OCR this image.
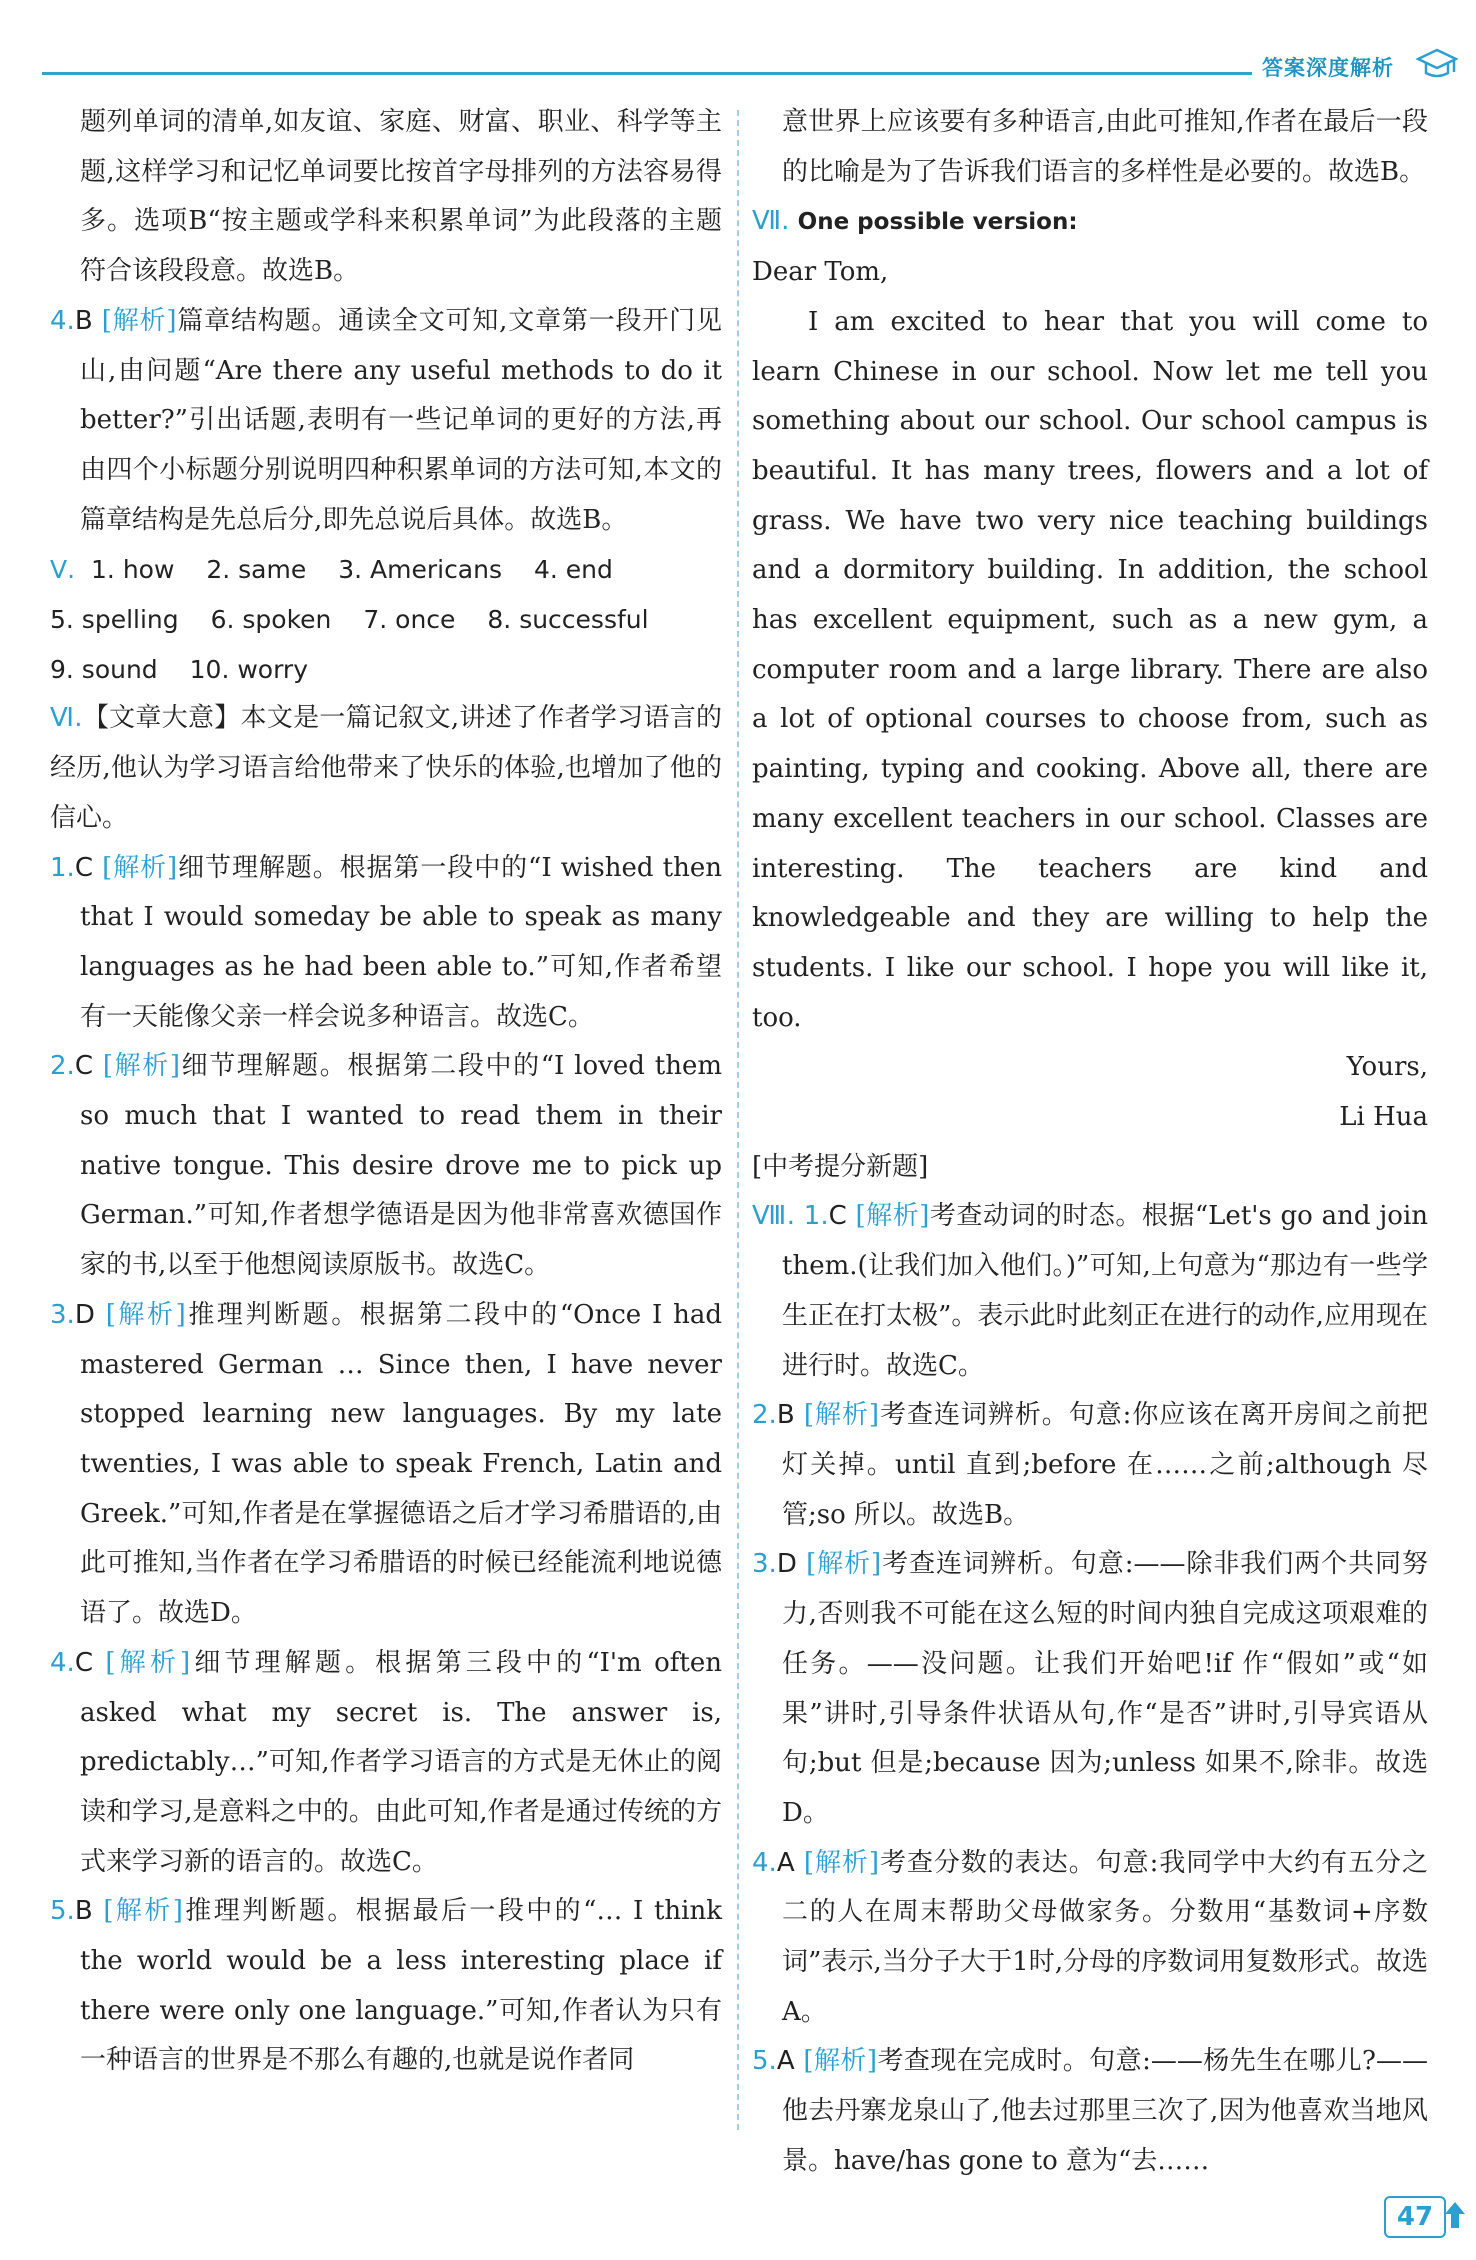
答案深度解析

题列单词的清单,如友谊、家庭、财富、职业、科学等主题,这样学习和记忆单词要比按首字母排列的方法容易得多。选项B“按主题或学科来积累单词”为此段落的主题符合该段段意。故选B。

4.B [解析]篇章结构题。通读全文可知,文章第一段开门见山,由问题“Are there any useful methods to do it better?”引出话题,表明有一些记单词的更好的方法,再由四个小标题分别说明四种积累单词的方法可知,本文的篇章结构是先总后分,即先总说后具体。故选B。

Ⅴ. 1. how 2. same 3. Americans 4. end
5. spelling 6. spoken 7. once 8. successful
9. sound 10. worry

Ⅵ.【文章大意】本文是一篇记叙文,讲述了作者学习语言的经历,他认为学习语言给他带来了快乐的体验,也增加了他的信心。

1.C [解析]细节理解题。根据第一段中的“I wished then that I would someday be able to speak as many languages as he had been able to.”可知,作者希望有一天能像父亲一样会说多种语言。故选C。

2.C [解析]细节理解题。根据第二段中的“I loved them so much that I wanted to read them in their native tongue. This desire drove me to pick up German.”可知,作者想学德语是因为他非常喜欢德国作家的书,以至于他想阅读原版书。故选C。

3.D [解析]推理判断题。根据第二段中的“Once I had mastered German … Since then, I have never stopped learning new languages. By my late twenties, I was able to speak French, Latin and Greek.”可知,作者是在掌握德语之后才学习希腊语的,由此可推知,当作者在学习希腊语的时候已经能流利地说德语了。故选D。

4.C [解析]细节理解题。根据第三段中的“I'm often asked what my secret is. The answer is, predictably…”可知,作者学习语言的方式是无休止的阅读和学习,是意料之中的。由此可知,作者是通过传统的方式来学习新的语言的。故选C。

5.B [解析]推理判断题。根据最后一段中的“… I think the world would be a less interesting place if there were only one language.”可知,作者认为只有一种语言的世界是不那么有趣的,也就是说作者同

意世界上应该要有多种语言,由此可推知,作者在最后一段的比喻是为了告诉我们语言的多样性是必要的。故选B。

Ⅶ. One possible version:

Dear Tom,

I am excited to hear that you will come to learn Chinese in our school. Now let me tell you something about our school. Our school campus is beautiful. It has many trees, flowers and a lot of grass. We have two very nice teaching buildings and a dormitory building. In addition, the school has excellent equipment, such as a new gym, a computer room and a large library. There are also a lot of optional courses to choose from, such as painting, typing and cooking. Above all, there are many excellent teachers in our school. Classes are interesting. The teachers are kind and knowledgeable and they are willing to help the students. I like our school. I hope you will like it, too.

Yours,
Li Hua

[中考提分新题]

Ⅷ. 1.C [解析]考查动词的时态。根据“Let's go and join them.(让我们加入他们。)”可知,上句意为“那边有一些学生正在打太极”。表示此时此刻正在进行的动作,应用现在进行时。故选C。

2.B [解析]考查连词辨析。句意:你应该在离开房间之前把灯关掉。until 直到;before 在……之前;although 尽管;so 所以。故选B。

3.D [解析]考查连词辨析。句意:——除非我们两个共同努力,否则我不可能在这么短的时间内独自完成这项艰难的任务。——没问题。让我们开始吧!if 作“假如”或“如果”讲时,引导条件状语从句,作“是否”讲时,引导宾语从句;but 但是;because 因为;unless 如果不,除非。故选D。

4.A [解析]考查分数的表达。句意:我同学中大约有五分之二的人在周末帮助父母做家务。分数用“基数词+序数词”表示,当分子大于1时,分母的序数词用复数形式。故选A。

5.A [解析]考查现在完成时。句意:——杨先生在哪儿?——他去丹寨龙泉山了,他去过那里三次了,因为他喜欢当地风景。have/has gone to 意为“去……

47
